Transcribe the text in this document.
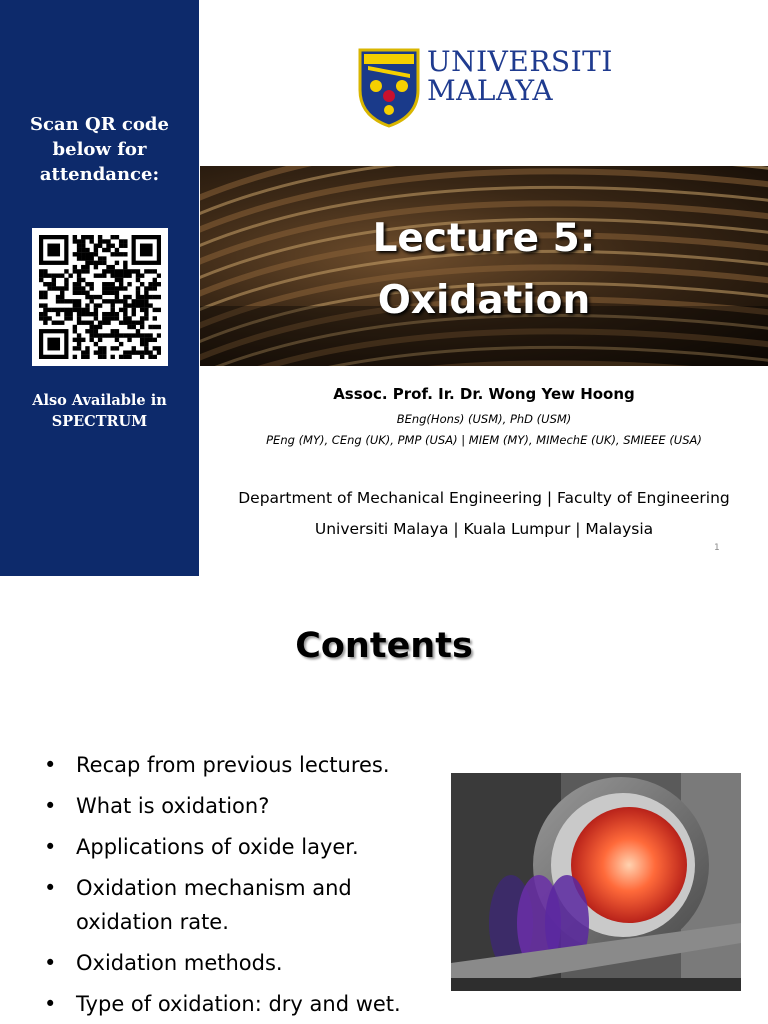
Scan QR code
below for
attendance:
Also Available in
SPECTRUM
UNIVERSITI
MALAYA
Lecture 5:
Oxidation
Assoc. Prof. Ir. Dr. Wong Yew Hoong
BEng(Hons) (USM), PhD (USM)
PEng (MY), CEng (UK), PMP (USA) | MIEM (MY), MIMechE (UK), SMIEEE (USA)
Department of Mechanical Engineering | Faculty of Engineering
Universiti Malaya | Kuala Lumpur | Malaysia
1
Contents
• Recap from previous lectures.
• What is oxidation?
• Applications of oxide layer.
• Oxidation mechanism and oxidation rate.
• Oxidation methods.
• Type of oxidation: dry and wet.
